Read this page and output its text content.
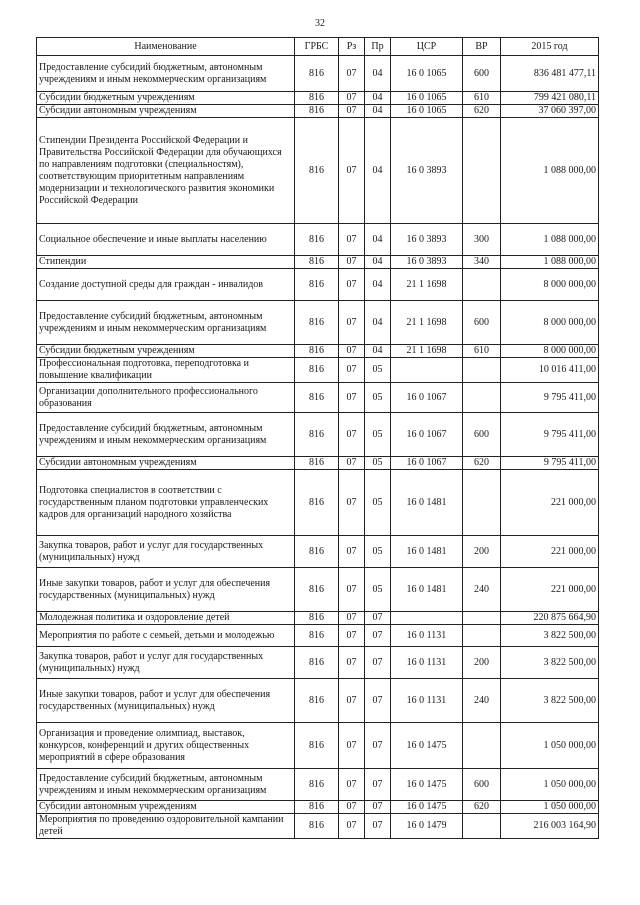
32
Наименование	ГРБС	Рз	Пр	ЦСР	ВР	2015 год
Предоставление субсидий бюджетным, автономным учреждениям и иным некоммерческим организациям	816	07	04	16 0 1065	600	836 481 477,11
Субсидии бюджетным учреждениям	816	07	04	16 0 1065	610	799 421 080,11
Субсидии автономным учреждениям	816	07	04	16 0 1065	620	37 060 397,00
Стипендии Президента Российской Федерации и Правительства Российской Федерации для обучающихся по направлениям подготовки (специальностям), соответствующим приоритетным направлениям модернизации и технологического развития экономики Российской Федерации	816	07	04	16 0 3893		1 088 000,00
Социальное обеспечение и иные выплаты населению	816	07	04	16 0 3893	300	1 088 000,00
Стипендии	816	07	04	16 0 3893	340	1 088 000,00
Создание доступной среды для граждан - инвалидов	816	07	04	21 1 1698		8 000 000,00
Предоставление субсидий бюджетным, автономным учреждениям и иным некоммерческим организациям	816	07	04	21 1 1698	600	8 000 000,00
Субсидии бюджетным учреждениям	816	07	04	21 1 1698	610	8 000 000,00
Профессиональная подготовка, переподготовка и повышение квалификации	816	07	05			10 016 411,00
Организации дополнительного профессионального образования	816	07	05	16 0 1067		9 795 411,00
Предоставление субсидий бюджетным, автономным учреждениям и иным некоммерческим организациям	816	07	05	16 0 1067	600	9 795 411,00
Субсидии автономным учреждениям	816	07	05	16 0 1067	620	9 795 411,00
Подготовка специалистов в соответствии с государственным планом подготовки управленческих кадров для организаций народного хозяйства	816	07	05	16 0 1481		221 000,00
Закупка товаров, работ и услуг для государственных (муниципальных) нужд	816	07	05	16 0 1481	200	221 000,00
Иные закупки товаров, работ и услуг для обеспечения государственных (муниципальных) нужд	816	07	05	16 0 1481	240	221 000,00
Молодежная политика и оздоровление детей	816	07	07			220 875 664,90
Мероприятия по работе с семьей, детьми и молодежью	816	07	07	16 0 1131		3 822 500,00
Закупка товаров, работ и услуг для государственных (муниципальных) нужд	816	07	07	16 0 1131	200	3 822 500,00
Иные закупки товаров, работ и услуг для обеспечения государственных (муниципальных) нужд	816	07	07	16 0 1131	240	3 822 500,00
Организация и проведение олимпиад, выставок, конкурсов, конференций и других общественных мероприятий в сфере образования	816	07	07	16 0 1475		1 050 000,00
Предоставление субсидий бюджетным, автономным учреждениям и иным некоммерческим организациям	816	07	07	16 0 1475	600	1 050 000,00
Субсидии автономным учреждениям	816	07	07	16 0 1475	620	1 050 000,00
Мероприятия по проведению оздоровительной кампании детей	816	07	07	16 0 1479		216 003 164,90
